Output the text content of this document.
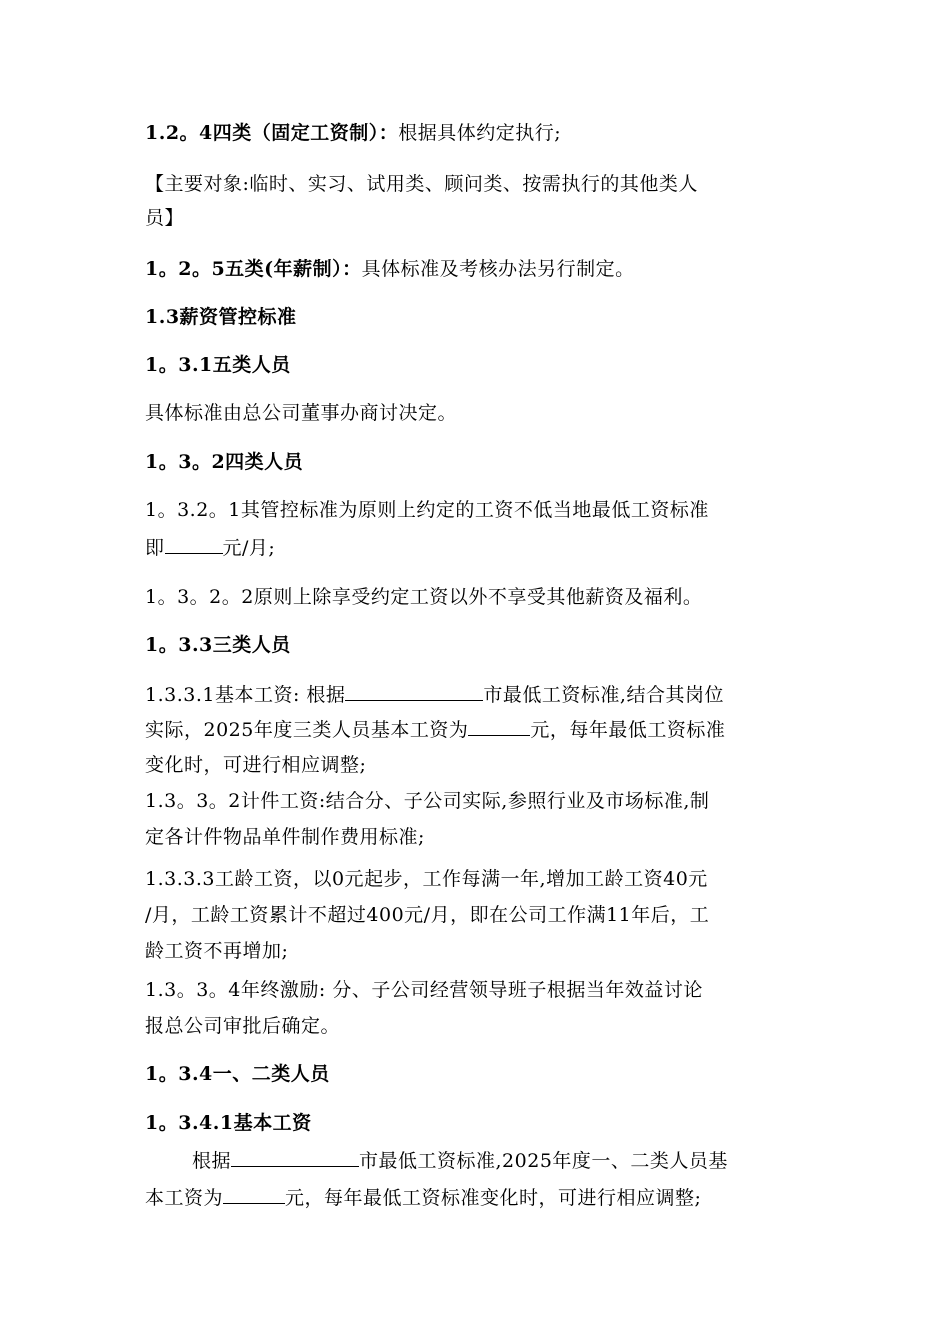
1.2。4四类（固定工资制）：根据具体约定执行;
【主要对象:临时、实习、试用类、顾问类、按需执行的其他类人
员】
1。2。5五类(年薪制）：具体标准及考核办法另行制定。
1.3薪资管控标准
1。3.1五类人员
具体标准由总公司董事办商讨决定。
1。3。2四类人员
1。3.2。1其管控标准为原则上约定的工资不低当地最低工资标准
即	元/月;
1。3。2。2原则上除享受约定工资以外不享受其他薪资及福利。
1。3.3三类人员
1.3.3.1基本工资: 根据	市最低工资标准,结合其岗位
实际，2025年度三类人员基本工资为	元，每年最低工资标准
变化时，可进行相应调整;
1.3。3。2计件工资:结合分、子公司实际,参照行业及市场标准,制
定各计件物品单件制作费用标准;
1.3.3.3工龄工资，以0元起步，工作每满一年,增加工龄工资40元
/月，工龄工资累计不超过400元/月，即在公司工作满11年后，工
龄工资不再增加;
1.3。3。4年终激励: 分、子公司经营领导班子根据当年效益讨论
报总公司审批后确定。
1。3.4一、二类人员
1。3.4.1基本工资
根据	市最低工资标准,2025年度一、二类人员基
本工资为	元，每年最低工资标准变化时，可进行相应调整;
